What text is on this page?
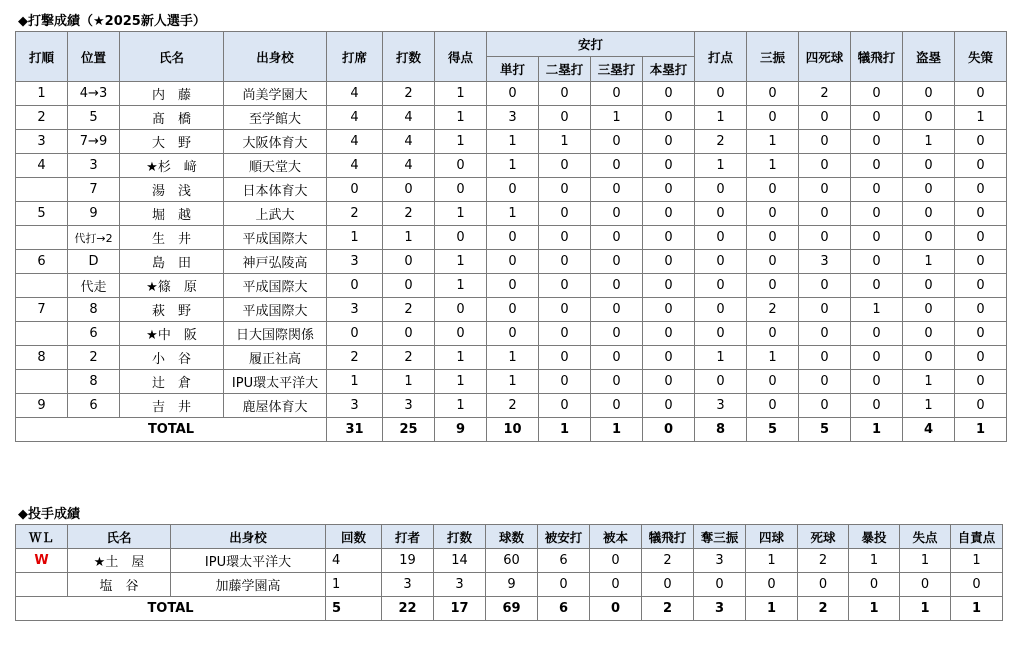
◆打撃成績（★2025新人選手）
打順	位置	氏名	出身校	打席	打数	得点	安打				打点	三振	四死球	犠飛打	盗塁	失策
							単打	二塁打	三塁打	本塁打						
1	4→3	内　藤	尚美学園大	4	2	1	0	0	0	0	0	0	2	0	0	0
2	5	髙　橋	至学館大	4	4	1	3	0	1	0	1	0	0	0	0	1
3	7→9	大　野	大阪体育大	4	4	1	1	1	0	0	2	1	0	0	1	0
4	3	★杉　﨑	順天堂大	4	4	0	1	0	0	0	1	1	0	0	0	0
	7	湯　浅	日本体育大	0	0	0	0	0	0	0	0	0	0	0	0	0
5	9	堀　越	上武大	2	2	1	1	0	0	0	0	0	0	0	0	0
	代打→2	生　井	平成国際大	1	1	0	0	0	0	0	0	0	0	0	0	0
6	D	島　田	神戸弘陵高	3	0	1	0	0	0	0	0	0	3	0	1	0
	代走	★篠　原	平成国際大	0	0	1	0	0	0	0	0	0	0	0	0	0
7	8	萩　野	平成国際大	3	2	0	0	0	0	0	0	2	0	1	0	0
	6	★中　阪	日大国際関係	0	0	0	0	0	0	0	0	0	0	0	0	0
8	2	小　谷	履正社高	2	2	1	1	0	0	0	1	1	0	0	0	0
	8	辻　倉	IPU環太平洋大	1	1	1	1	0	0	0	0	0	0	0	1	0
9	6	吉　井	鹿屋体育大	3	3	1	2	0	0	0	3	0	0	0	1	0
TOTAL				31	25	9	10	1	1	0	8	5	5	1	4	1
◆投手成績
ＷＬ	氏名	出身校	回数	打者	打数	球数	被安打	被本	犠飛打	奪三振	四球	死球	暴投	失点	自責点
W	★土　屋	IPU環太平洋大	4	19	14	60	6	0	2	3	1	2	1	1	1
	塩　谷	加藤学園高	1	3	3	9	0	0	0	0	0	0	0	0	0
TOTAL			5	22	17	69	6	0	2	3	1	2	1	1	1
